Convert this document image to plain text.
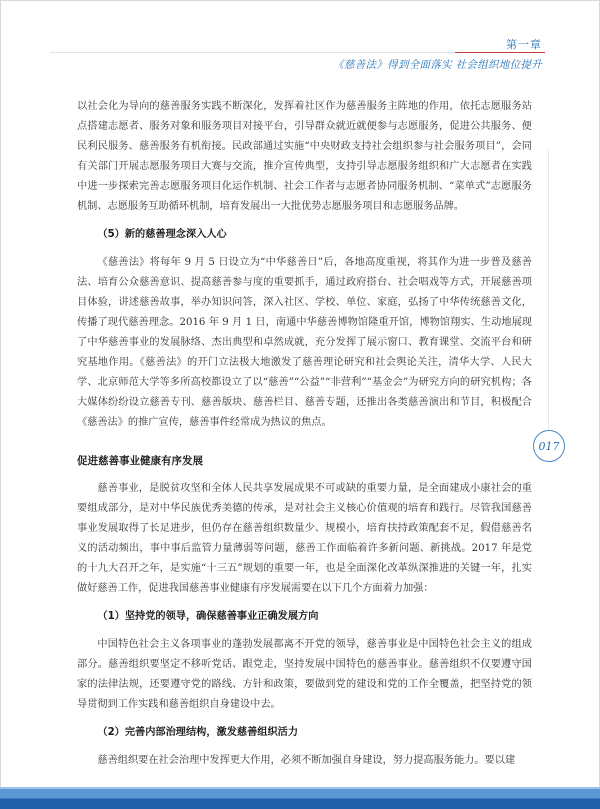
第一章

《慈善法》得到全面落实 社会组织地位提升

以社会化为导向的慈善服务实践不断深化，发挥着社区作为慈善服务主阵地的作用，依托志愿服务站点搭建志愿者、服务对象和服务项目对接平台，引导群众就近就便参与志愿服务，促进公共服务、便民利民服务、慈善服务有机衔接。民政部通过实施“中央财政支持社会组织参与社会服务项目”，会同有关部门开展志愿服务项目大赛与交流，推介宣传典型，支持引导志愿服务组织和广大志愿者在实践中进一步探索完善志愿服务项目化运作机制、社会工作者与志愿者协同服务机制、“菜单式”志愿服务机制、志愿服务互助循环机制，培育发展出一大批优势志愿服务项目和志愿服务品牌。

（5）新的慈善理念深入人心

《慈善法》将每年 9 月 5 日设立为“中华慈善日”后，各地高度重视，将其作为进一步普及慈善法、培育公众慈善意识、提高慈善参与度的重要抓手，通过政府搭台、社会唱戏等方式，开展慈善项目体验，讲述慈善故事，举办知识问答，深入社区、学校、单位、家庭，弘扬了中华传统慈善文化，传播了现代慈善理念。2016 年 9 月 1 日，南通中华慈善博物馆隆重开馆，博物馆翔实、生动地展现了中华慈善事业的发展脉络、杰出典型和卓然成就，充分发挥了展示窗口、教育课堂、交流平台和研究基地作用。《慈善法》的开门立法极大地激发了慈善理论研究和社会舆论关注，清华大学、人民大学、北京师范大学等多所高校都设立了以“慈善”“公益”“非营利”“基金会”为研究方向的研究机构；各大媒体纷纷设立慈善专刊、慈善版块、慈善栏目、慈善专题，还推出各类慈善演出和节目，积极配合《慈善法》的推广宣传，慈善事件经常成为热议的焦点。

促进慈善事业健康有序发展

慈善事业，是脱贫攻坚和全体人民共享发展成果不可或缺的重要力量，是全面建成小康社会的重要组成部分，是对中华民族优秀美德的传承，是对社会主义核心价值观的培育和践行。尽管我国慈善事业发展取得了长足进步，但仍存在慈善组织数量少、规模小，培育扶持政策配套不足，假借慈善名义的活动频出，事中事后监管力量薄弱等问题，慈善工作面临着许多新问题、新挑战。2017 年是党的十九大召开之年，是实施“十三五”规划的重要一年，也是全面深化改革纵深推进的关键一年，扎实做好慈善工作，促进我国慈善事业健康有序发展需要在以下几个方面着力加强：

（1）坚持党的领导，确保慈善事业正确发展方向

中国特色社会主义各项事业的蓬勃发展都离不开党的领导，慈善事业是中国特色社会主义的组成部分。慈善组织要坚定不移听党话、跟党走，坚持发展中国特色的慈善事业。慈善组织不仅要遵守国家的法律法规，还要遵守党的路线、方针和政策，要做到党的建设和党的工作全覆盖，把坚持党的领导贯彻到工作实践和慈善组织自身建设中去。

（2）完善内部治理结构，激发慈善组织活力

慈善组织要在社会治理中发挥更大作用，必须不断加强自身建设，努力提高服务能力。要以建

017
